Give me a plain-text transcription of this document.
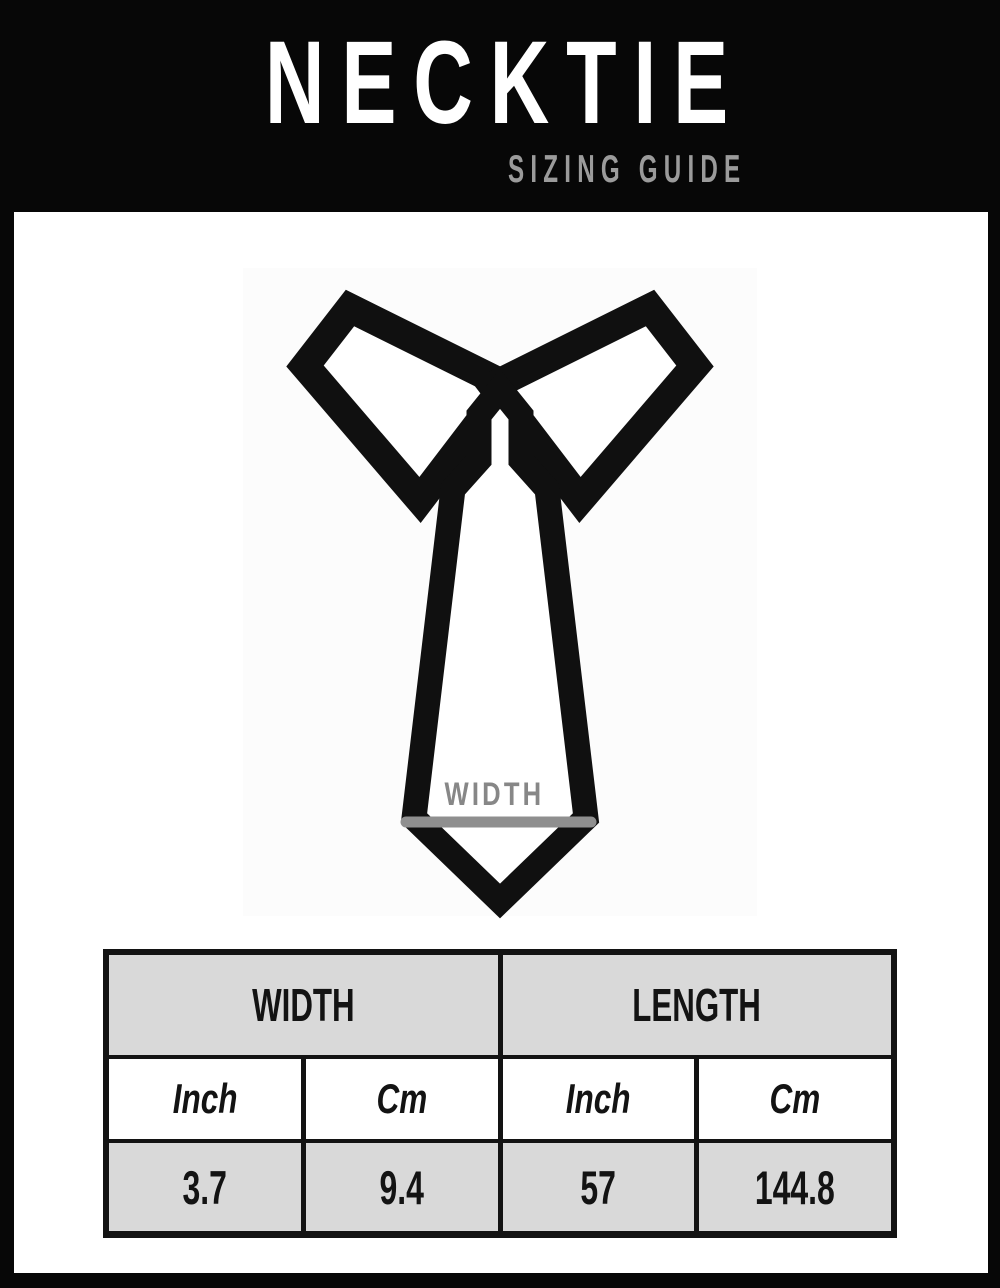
NECKTIE
SIZING GUIDE
WIDTH
WIDTH	LENGTH
Inch	Cm	Inch	Cm
3.7	9.4	57	144.8
